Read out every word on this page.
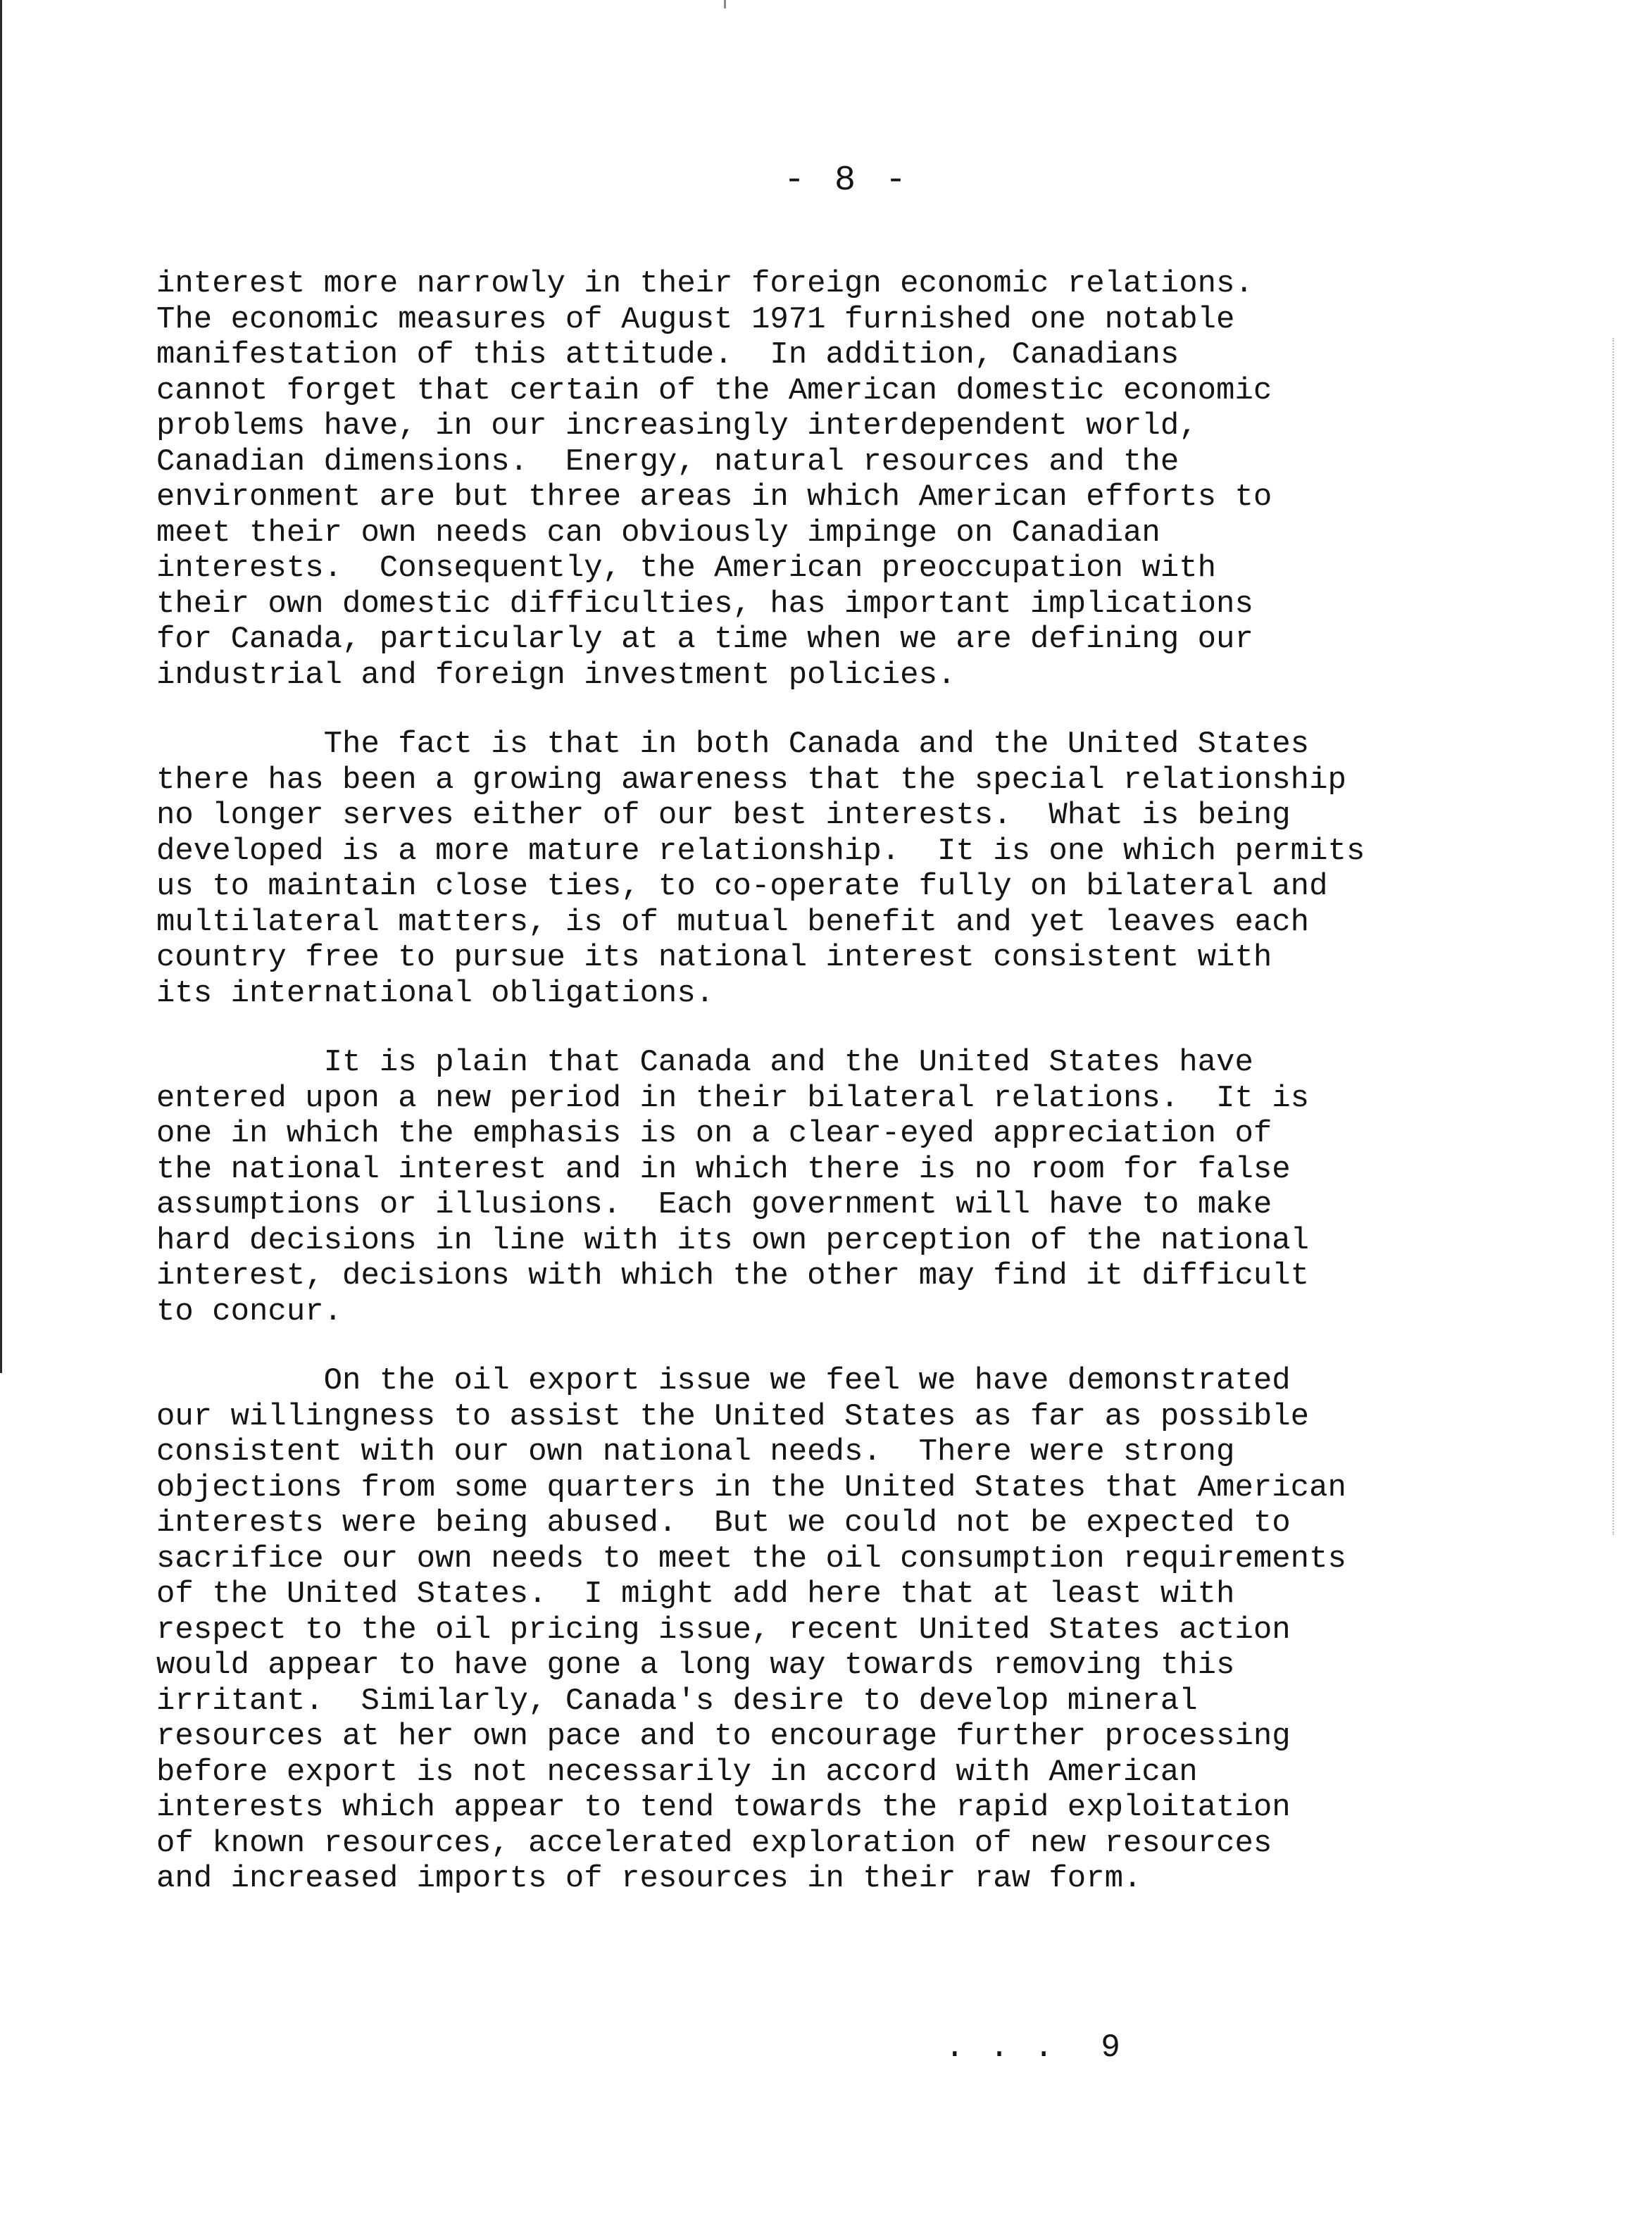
- 8 -

interest more narrowly in their foreign economic relations.
The economic measures of August 1971 furnished one notable
manifestation of this attitude.  In addition, Canadians
cannot forget that certain of the American domestic economic
problems have, in our increasingly interdependent world,
Canadian dimensions.  Energy, natural resources and the
environment are but three areas in which American efforts to
meet their own needs can obviously impinge on Canadian
interests.  Consequently, the American preoccupation with
their own domestic difficulties, has important implications
for Canada, particularly at a time when we are defining our
industrial and foreign investment policies.

The fact is that in both Canada and the United States
there has been a growing awareness that the special relationship
no longer serves either of our best interests.  What is being
developed is a more mature relationship.  It is one which permits
us to maintain close ties, to co-operate fully on bilateral and
multilateral matters, is of mutual benefit and yet leaves each
country free to pursue its national interest consistent with
its international obligations.

It is plain that Canada and the United States have
entered upon a new period in their bilateral relations.  It is
one in which the emphasis is on a clear-eyed appreciation of
the national interest and in which there is no room for false
assumptions or illusions.  Each government will have to make
hard decisions in line with its own perception of the national
interest, decisions with which the other may find it difficult
to concur.

On the oil export issue we feel we have demonstrated
our willingness to assist the United States as far as possible
consistent with our own national needs.  There were strong
objections from some quarters in the United States that American
interests were being abused.  But we could not be expected to
sacrifice our own needs to meet the oil consumption requirements
of the United States.  I might add here that at least with
respect to the oil pricing issue, recent United States action
would appear to have gone a long way towards removing this
irritant.  Similarly, Canada's desire to develop mineral
resources at her own pace and to encourage further processing
before export is not necessarily in accord with American
interests which appear to tend towards the rapid exploitation
of known resources, accelerated exploration of new resources
and increased imports of resources in their raw form.

. . .  9
